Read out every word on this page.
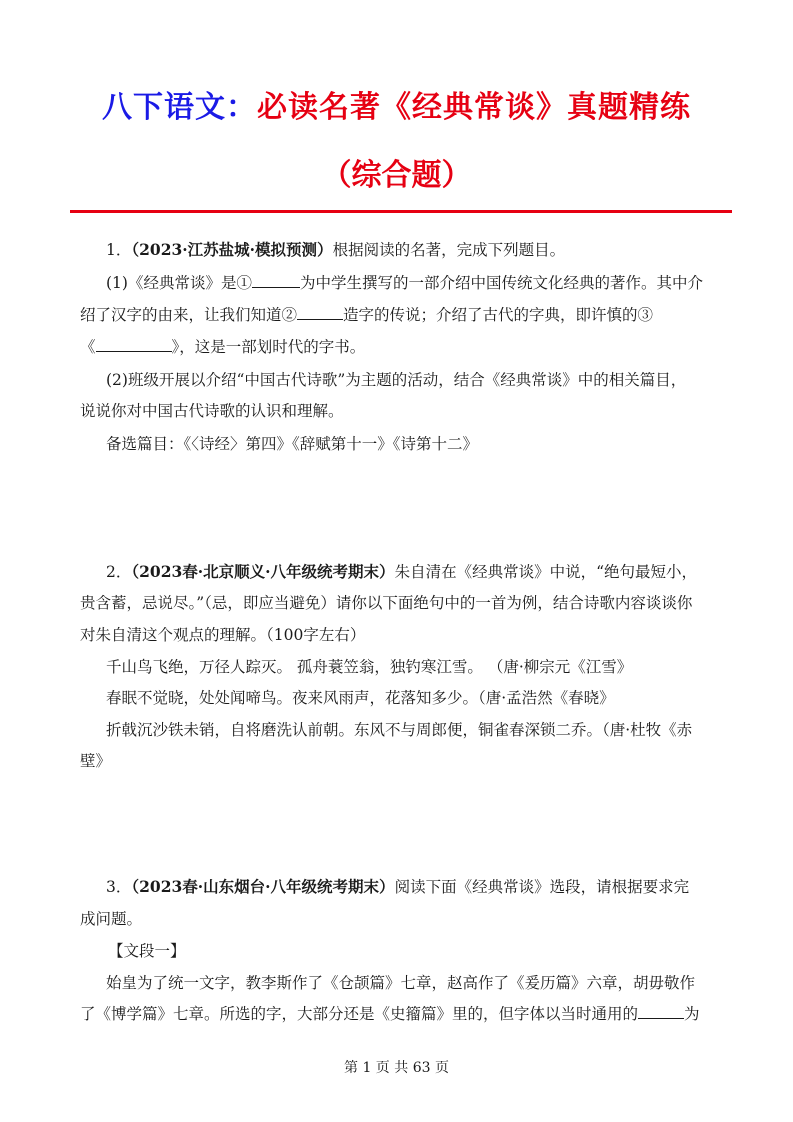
八下语文：必读名著《经典常谈》真题精练
（综合题）
1．（2023·江苏盐城·模拟预测）根据阅读的名著，完成下列题目。
(1)《经典常谈》是①	为中学生撰写的一部介绍中国传统文化经典的著作。其中介
绍了汉字的由来，让我们知道②	造字的传说；介绍了古代的字典，即许慎的③
《	》，这是一部划时代的字书。
(2)班级开展以介绍“中国古代诗歌”为主题的活动，结合《经典常谈》中的相关篇目，
说说你对中国古代诗歌的认识和理解。
备选篇目：《〈诗经〉第四》《辞赋第十一》《诗第十二》
2．（2023春·北京顺义·八年级统考期末）朱自清在《经典常谈》中说，“绝句最短小，
贵含蓄，忌说尽。”（忌，即应当避免）请你以下面绝句中的一首为例，结合诗歌内容谈谈你
对朱自清这个观点的理解。（100字左右）
千山鸟飞绝，万径人踪灭。 孤舟蓑笠翁，独钓寒江雪。 （唐·柳宗元《江雪》
春眠不觉晓，处处闻啼鸟。夜来风雨声，花落知多少。（唐·孟浩然《春晓》
折戟沉沙铁未销，自将磨洗认前朝。东风不与周郎便，铜雀春深锁二乔。（唐·杜牧《赤
壁》
3．（2023春·山东烟台·八年级统考期末）阅读下面《经典常谈》选段，请根据要求完
成问题。
【文段一】
始皇为了统一文字，教李斯作了《仓颉篇》七章，赵高作了《爰历篇》六章，胡毋敬作
了《博学篇》七章。所选的字，大部分还是《史籀篇》里的，但字体以当时通用的	为
第 1 页 共 63 页
